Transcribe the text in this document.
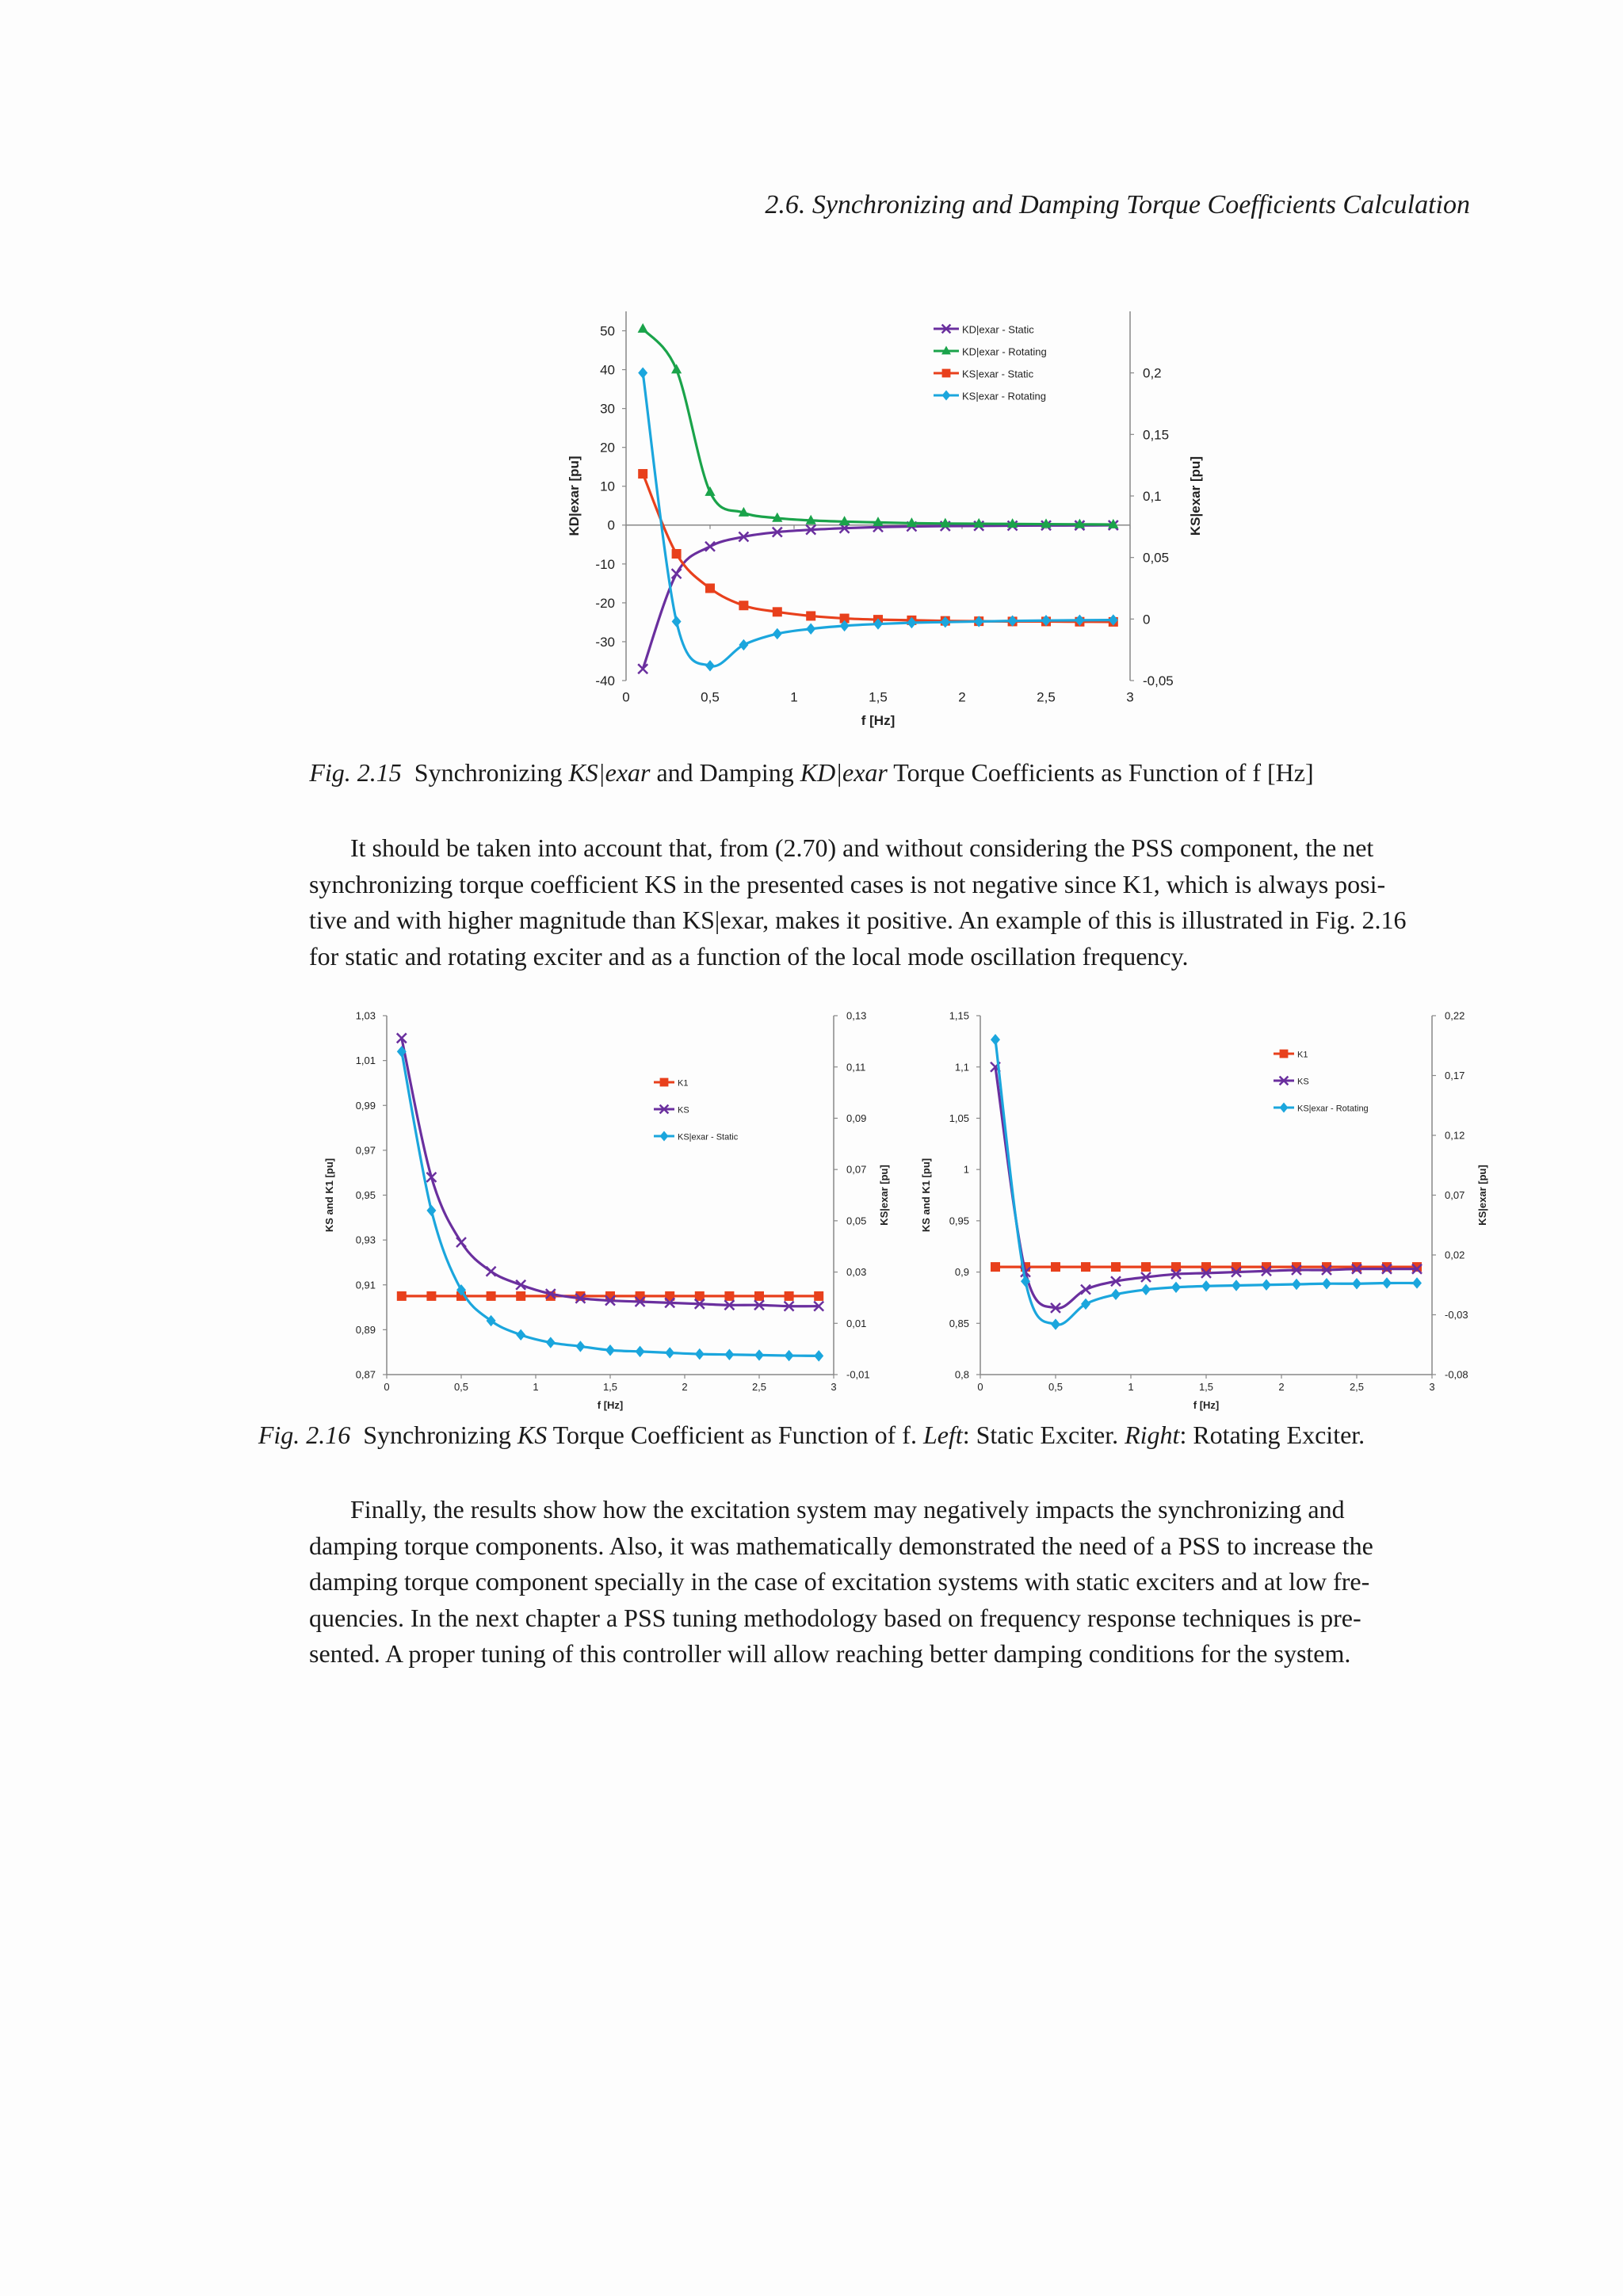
2.6. Synchronizing and Damping Torque Coefficients Calculation
0	0,5	1	1,5	2	2,5	3
-40
-30
-20
-10
0
10
20
30
40
50
-0,05
0
0,05
0,1
0,15
0,2
f [Hz]
KD|exar [pu]	KS|exar [pu]
KD|exar - Static
KD|exar - Rotating
KS|exar - Static
KS|exar - Rotating
Fig. 2.15 Synchronizing KS|exar and Damping KD|exar Torque Coefficients as Function of f [Hz]
It should be taken into account that, from (2.70) and without considering the PSS component, the net
synchronizing torque coefficient KS in the presented cases is not negative since K1, which is always posi-
tive and with higher magnitude than KS|exar, makes it positive. An example of this is illustrated in Fig. 2.16
for static and rotating exciter and as a function of the local mode oscillation frequency.
0	0,5	1	1,5	2	2,5	3
0,87
0,89
0,91
0,93
0,95
0,97
0,99
1,01
1,03
-0,01
0,01
0,03
0,05
0,07
0,09
0,11
0,13
f [Hz]
KS and K1 [pu]	KS|exar [pu]
K1
KS
KS|exar - Static
0	0,5	1	1,5	2	2,5	3
0,8
0,85
0,9
0,95
1
1,05
1,1
1,15
-0,08
-0,03
0,02
0,07
0,12
0,17
0,22
f [Hz]
KS and K1 [pu]	KS|exar [pu]
K1
KS
KS|exar - Rotating
Fig. 2.16 Synchronizing KS Torque Coefficient as Function of f. Left: Static Exciter. Right: Rotating Exciter.
Finally, the results show how the excitation system may negatively impacts the synchronizing and
damping torque components. Also, it was mathematically demonstrated the need of a PSS to increase the
damping torque component specially in the case of excitation systems with static exciters and at low fre-
quencies. In the next chapter a PSS tuning methodology based on frequency response techniques is pre-
sented. A proper tuning of this controller will allow reaching better damping conditions for the system.
